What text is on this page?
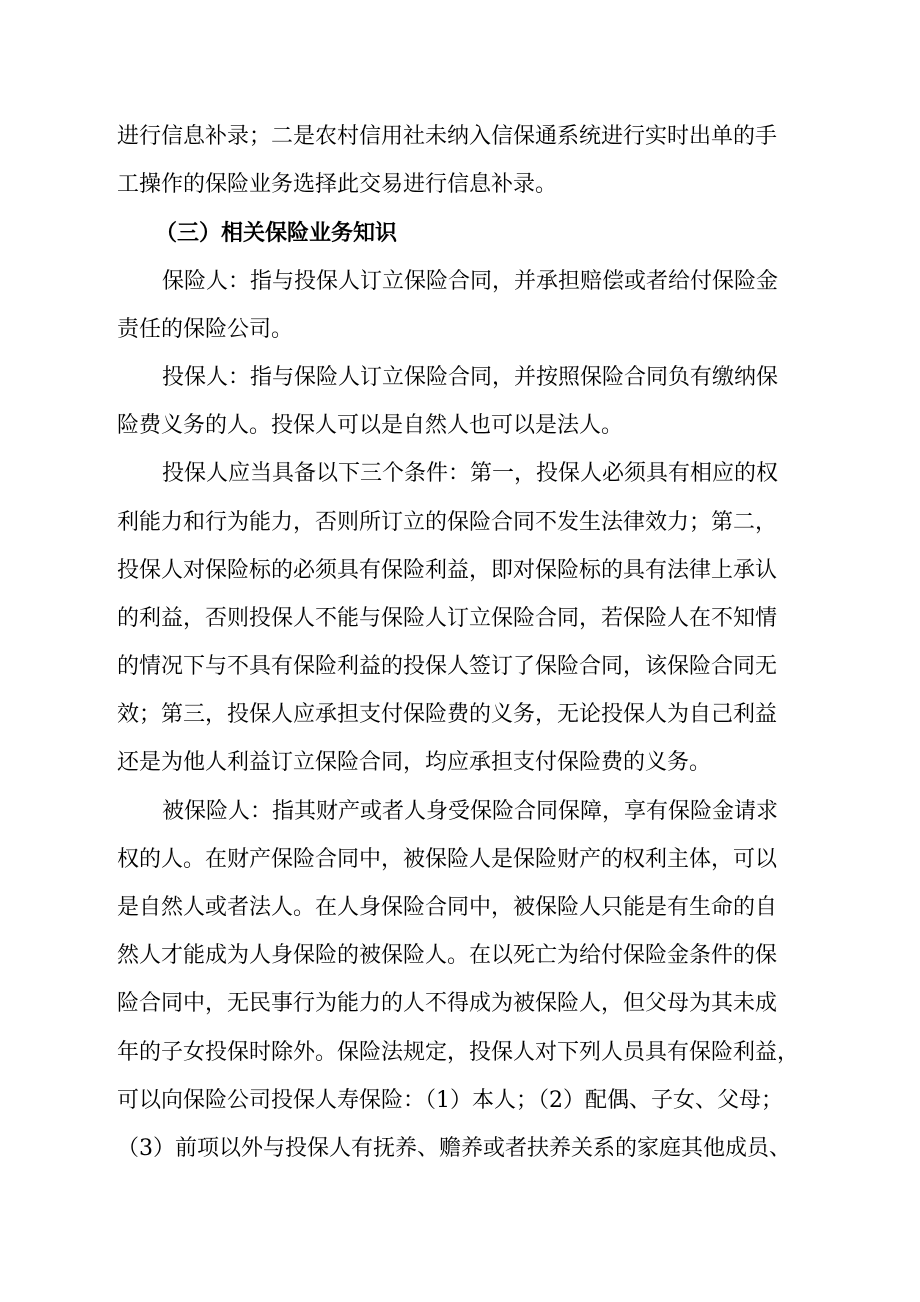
进行信息补录；二是农村信用社未纳入信保通系统进行实时出单的手
工操作的保险业务选择此交易进行信息补录。
（三）相关保险业务知识
保险人：指与投保人订立保险合同，并承担赔偿或者给付保险金
责任的保险公司。
投保人：指与保险人订立保险合同，并按照保险合同负有缴纳保
险费义务的人。投保人可以是自然人也可以是法人。
投保人应当具备以下三个条件：第一，投保人必须具有相应的权
利能力和行为能力，否则所订立的保险合同不发生法律效力；第二，
投保人对保险标的必须具有保险利益，即对保险标的具有法律上承认
的利益，否则投保人不能与保险人订立保险合同，若保险人在不知情
的情况下与不具有保险利益的投保人签订了保险合同，该保险合同无
效；第三，投保人应承担支付保险费的义务，无论投保人为自己利益
还是为他人利益订立保险合同，均应承担支付保险费的义务。
被保险人：指其财产或者人身受保险合同保障，享有保险金请求
权的人。在财产保险合同中，被保险人是保险财产的权利主体，可以
是自然人或者法人。在人身保险合同中，被保险人只能是有生命的自
然人才能成为人身保险的被保险人。在以死亡为给付保险金条件的保
险合同中，无民事行为能力的人不得成为被保险人，但父母为其未成
年的子女投保时除外。保险法规定，投保人对下列人员具有保险利益，
可以向保险公司投保人寿保险：（1）本人；（2）配偶、子女、父母；
（3）前项以外与投保人有抚养、赡养或者扶养关系的家庭其他成员、
